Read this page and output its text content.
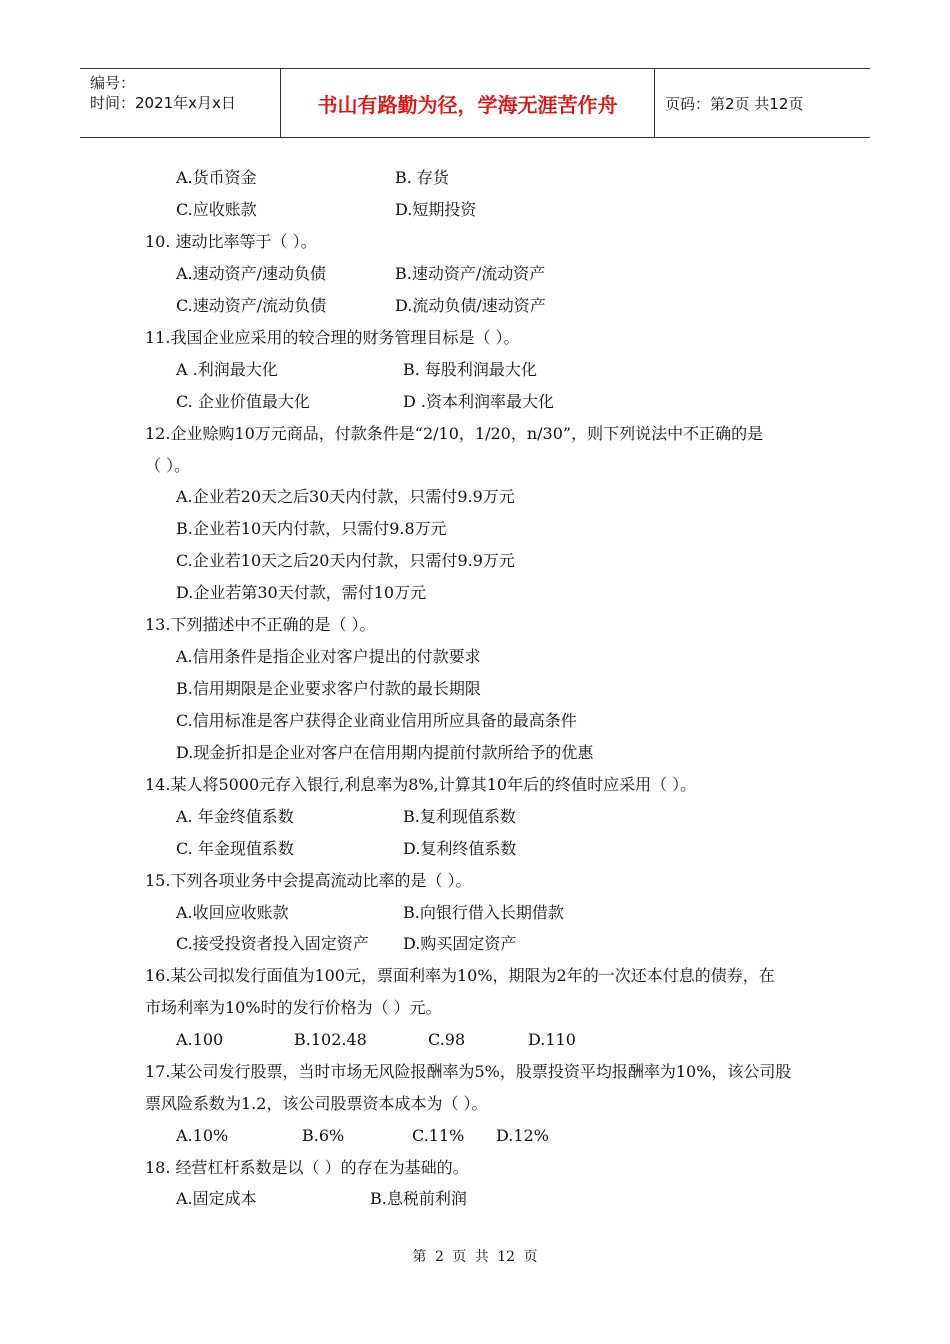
编号：
时间：2021年x月x日	书山有路勤为径，学海无涯苦作舟	页码：第2页 共12页
A.货币资金	B. 存货
C.应收账款	D.短期投资
10. 速动比率等于（ ）。
A.速动资产/速动负债	B.速动资产/流动资产
C.速动资产/流动负债	D.流动负债/速动资产
11.我国企业应采用的较合理的财务管理目标是（ ）。
A .利润最大化	B. 每股利润最大化
C. 企业价值最大化	D .资本利润率最大化
12.企业赊购10万元商品，付款条件是“2/10，1/20，n/30”，则下列说法中不正确的是
（ ）。
A.企业若20天之后30天内付款，只需付9.9万元
B.企业若10天内付款，只需付9.8万元
C.企业若10天之后20天内付款，只需付9.9万元
D.企业若第30天付款，需付10万元
13.下列描述中不正确的是（ ）。
A.信用条件是指企业对客户提出的付款要求
B.信用期限是企业要求客户付款的最长期限
C.信用标准是客户获得企业商业信用所应具备的最高条件
D.现金折扣是企业对客户在信用期内提前付款所给予的优惠
14.某人将5000元存入银行,利息率为8%,计算其10年后的终值时应采用（ ）。
A. 年金终值系数	B.复利现值系数
C. 年金现值系数	D.复利终值系数
15.下列各项业务中会提高流动比率的是（ ）。
A.收回应收账款	B.向银行借入长期借款
C.接受投资者投入固定资产 D.购买固定资产
16.某公司拟发行面值为100元，票面利率为10%，期限为2年的一次还本付息的债券，在
市场利率为10%时的发行价格为（ ）元。
A.100	B.102.48	C.98	D.110
17.某公司发行股票，当时市场无风险报酬率为5%，股票投资平均报酬率为10%，该公司股
票风险系数为1.2，该公司股票资本成本为（ ）。
A.10%	B.6%	C.11% D.12%
18. 经营杠杆系数是以（ ）的存在为基础的。
A.固定成本	B.息税前利润
第 2 页 共 12 页
